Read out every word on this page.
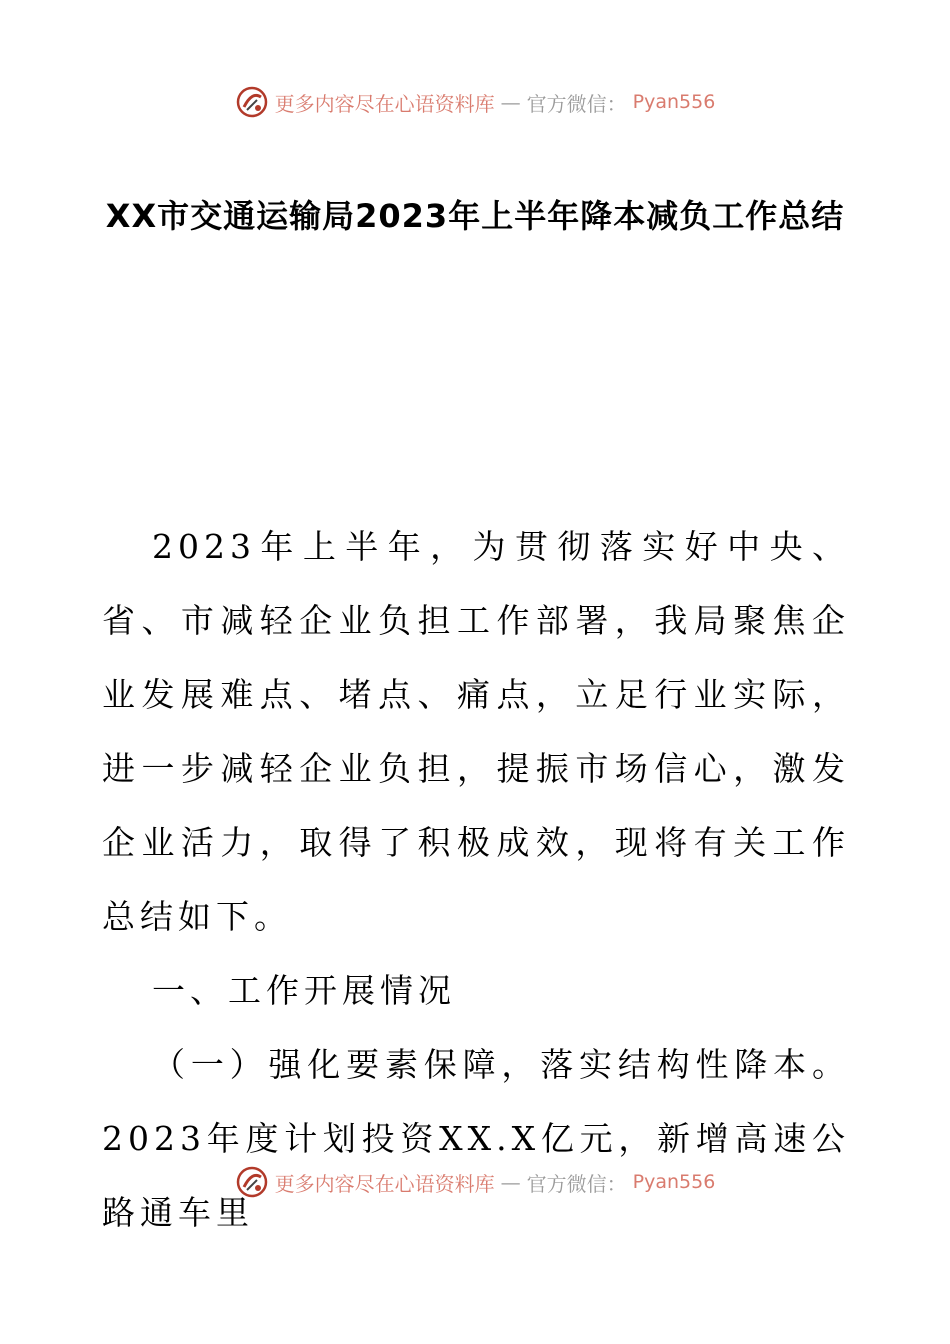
更多内容尽在心语资料库 — 官方微信： Pyan556
XX市交通运输局2023年上半年降本减负工作总结

2023年上半年，为贯彻落实好中央、省、市减轻企业负担工作部署，我局聚焦企业发展难点、堵点、痛点，立足行业实际，进一步减轻企业负担，提振市场信心，激发企业活力，取得了积极成效，现将有关工作总结如下。

一、工作开展情况

（一）强化要素保障，落实结构性降本。2023年度计划投资XX.X亿元，新增高速公路通车里

更多内容尽在心语资料库 — 官方微信： Pyan556
